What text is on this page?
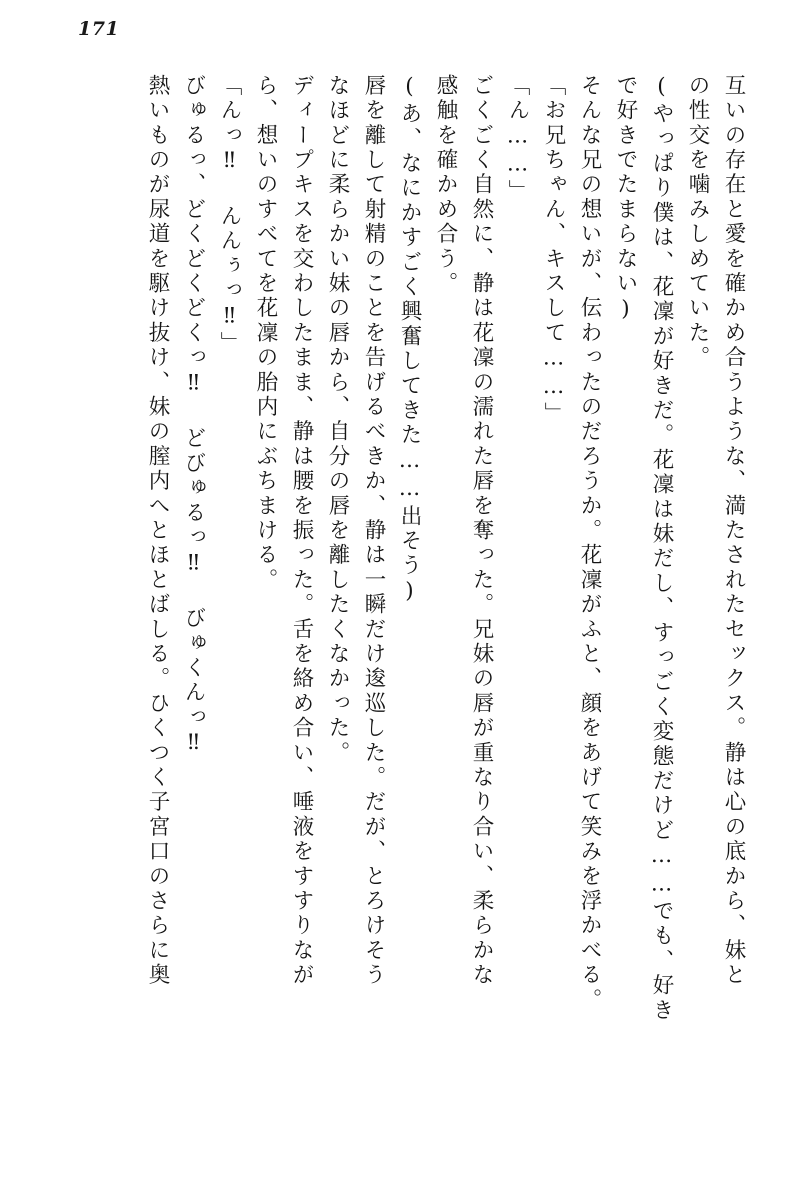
171
互いの存在と愛を確かめ合うような、満たされたセックス。静は心の底から、妹と
の性交を噛みしめていた。
(やっぱり僕は、花凜が好きだ。花凜は妹だし、すっごく変態だけど……でも、好き
で好きでたまらない)
そんな兄の想いが、伝わったのだろうか。花凜がふと、顔をあげて笑みを浮かべる。
「お兄ちゃん、キスして……」
「ん……」
ごくごく自然に、静は花凜の濡れた唇を奪った。兄妹の唇が重なり合い、柔らかな
感触を確かめ合う。
(あ、なにかすごく興奮してきた……出そう)
唇を離して射精のことを告げるべきか、静は一瞬だけ逡巡した。だが、とろけそう
なほどに柔らかい妹の唇から、自分の唇を離したくなかった。
ディープキスを交わしたまま、静は腰を振った。舌を絡め合い、唾液をすすりなが
ら、想いのすべてを花凜の胎内にぶちまける。
「んっ‼ んんぅっ‼」
びゅるっ、どくどくどくっ‼ どびゅるっ‼ びゅくんっ‼
熱いものが尿道を駆け抜け、妹の膣内へとほとばしる。ひくつく子宮口のさらに奥
